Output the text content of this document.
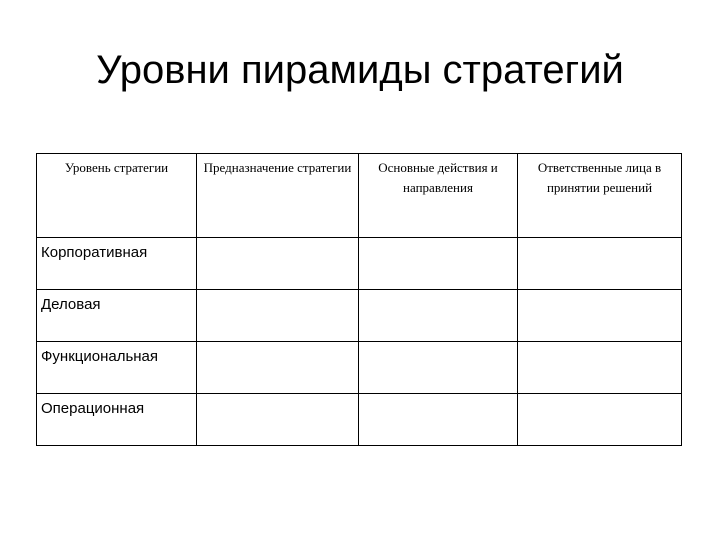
Уровни пирамиды стратегий
Уровень стратегии	Предназначение стратегии	Основные действия и направления	Ответственные лица в принятии решений
Корпоративная			
Деловая			
Функциональная			
Операционная			
